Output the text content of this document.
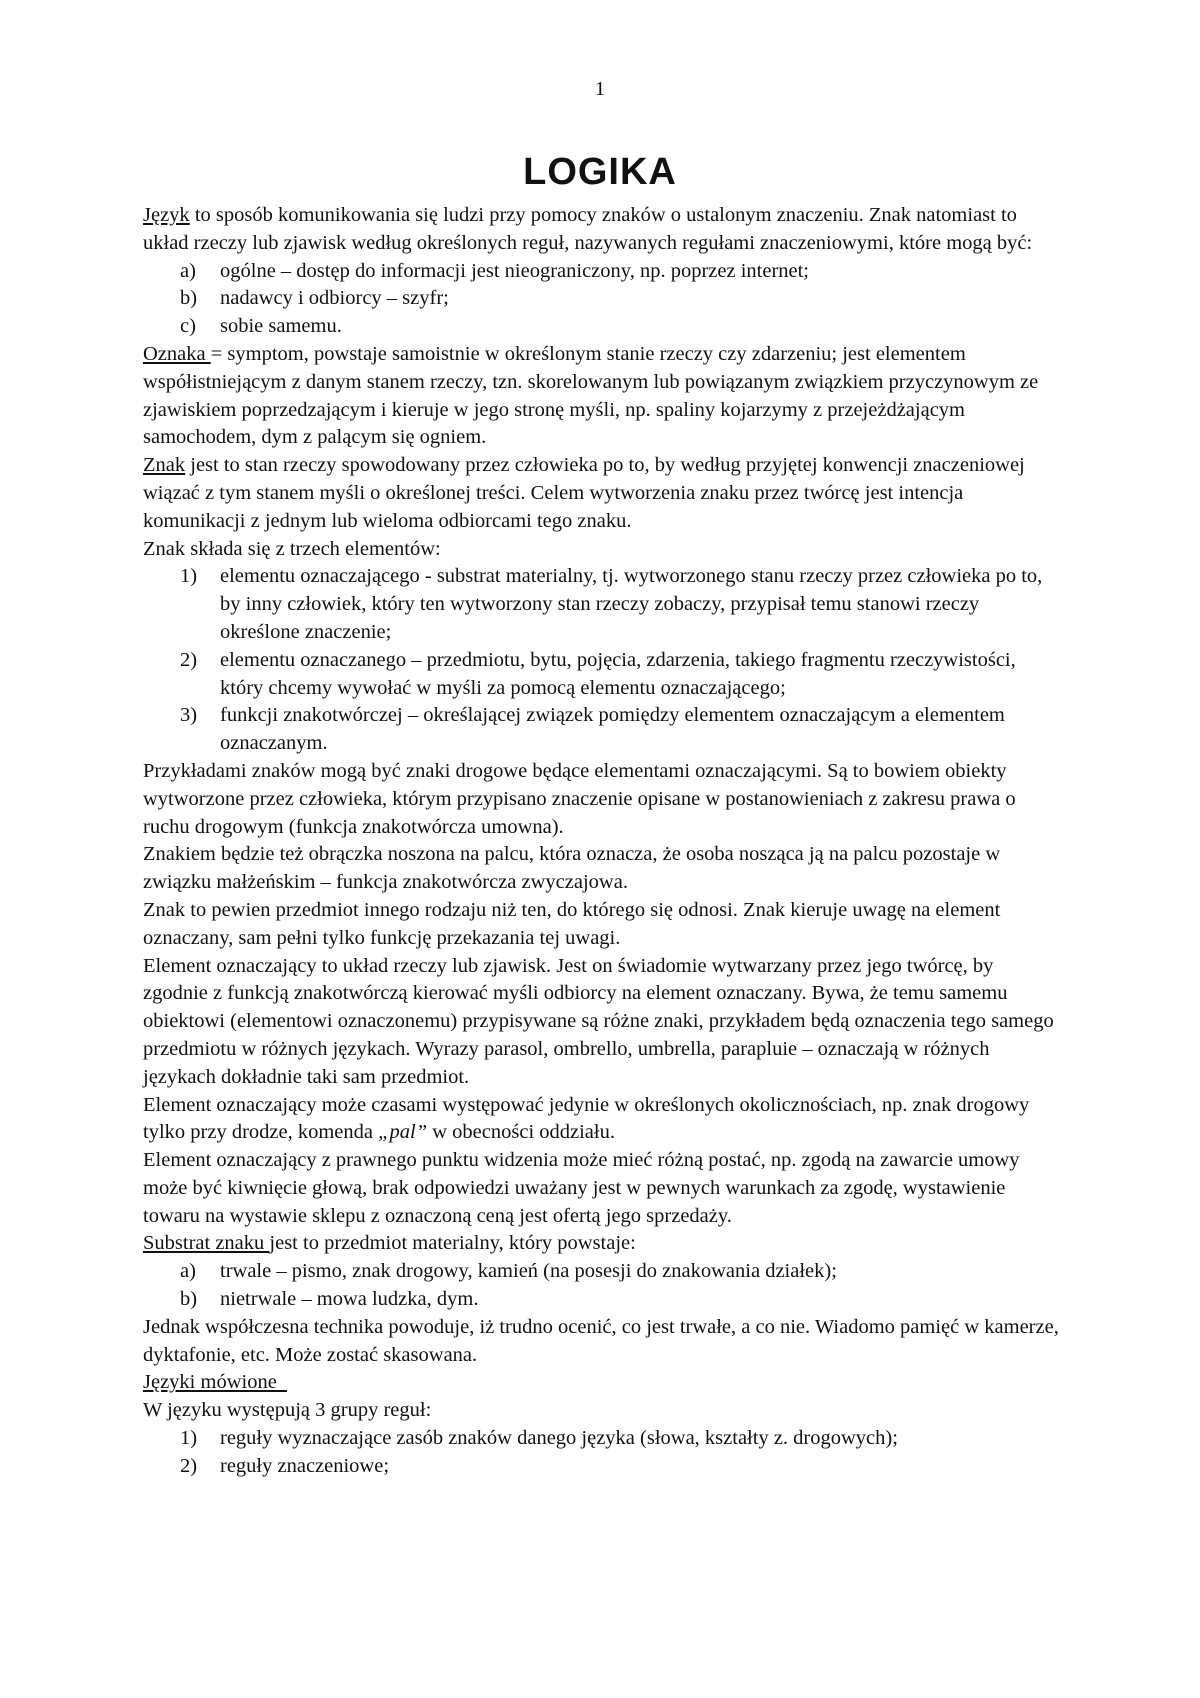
1
LOGIKA
Język to sposób komunikowania się ludzi przy pomocy znaków o ustalonym znaczeniu. Znak natomiast to układ rzeczy lub zjawisk według określonych reguł, nazywanych regułami znaczeniowymi, które mogą być:
a)	ogólne – dostęp do informacji jest nieograniczony, np. poprzez internet;
b)	nadawcy i odbiorcy – szyfr;
c)	sobie samemu.
Oznaka = symptom, powstaje samoistnie w określonym stanie rzeczy czy zdarzeniu; jest elementem współistniejącym z danym stanem rzeczy, tzn. skorelowanym lub powiązanym związkiem przyczynowym ze zjawiskiem poprzedzającym i kieruje w jego stronę myśli, np. spaliny kojarzymy z przejeżdżającym samochodem, dym z palącym się ogniem.
Znak jest to stan rzeczy spowodowany przez człowieka po to, by według przyjętej konwencji znaczeniowej wiązać z tym stanem myśli o określonej treści. Celem wytworzenia znaku przez twórcę jest intencja komunikacji z jednym lub wieloma odbiorcami tego znaku.
Znak składa się z trzech elementów:
1)	elementu oznaczającego - substrat materialny, tj. wytworzonego stanu rzeczy przez człowieka po to, by inny człowiek, który ten wytworzony stan rzeczy zobaczy, przypisał temu stanowi rzeczy określone znaczenie;
2)	elementu oznaczanego – przedmiotu, bytu, pojęcia, zdarzenia, takiego fragmentu rzeczywistości, który chcemy wywołać w myśli za pomocą elementu oznaczającego;
3)	funkcji znakotwórczej – określającej związek pomiędzy elementem oznaczającym a elementem oznaczanym.
Przykładami znaków mogą być znaki drogowe będące elementami oznaczającymi. Są to bowiem obiekty wytworzone przez człowieka, którym przypisano znaczenie opisane w postanowieniach z zakresu prawa o ruchu drogowym (funkcja znakotwórcza umowna).
Znakiem będzie też obrączka noszona na palcu, która oznacza, że osoba nosząca ją na palcu pozostaje w związku małżeńskim – funkcja znakotwórcza zwyczajowa.
Znak to pewien przedmiot innego rodzaju niż ten, do którego się odnosi. Znak kieruje uwagę na element oznaczany, sam pełni tylko funkcję przekazania tej uwagi.
Element oznaczający to układ rzeczy lub zjawisk. Jest on świadomie wytwarzany przez jego twórcę, by zgodnie z funkcją znakotwórczą kierować myśli odbiorcy na element oznaczany. Bywa, że temu samemu obiektowi (elementowi oznaczonemu) przypisywane są różne znaki, przykładem będą oznaczenia tego samego przedmiotu w różnych językach. Wyrazy parasol, ombrello, umbrella, parapluie – oznaczają w różnych językach dokładnie taki sam przedmiot.
Element oznaczający może czasami występować jedynie w określonych okolicznościach, np. znak drogowy tylko przy drodze, komenda „pal” w obecności oddziału.
Element oznaczający z prawnego punktu widzenia może mieć różną postać, np. zgodą na zawarcie umowy może być kiwnięcie głową, brak odpowiedzi uważany jest w pewnych warunkach za zgodę, wystawienie towaru na wystawie sklepu z oznaczoną ceną jest ofertą jego sprzedaży.
Substrat znaku jest to przedmiot materialny, który powstaje:
a)	trwale – pismo, znak drogowy, kamień (na posesji do znakowania działek);
b)	nietrwale – mowa ludzka, dym.
Jednak współczesna technika powoduje, iż trudno ocenić, co jest trwałe, a co nie. Wiadomo pamięć w kamerze, dyktafonie, etc. Może zostać skasowana.
Języki mówione
W języku występują 3 grupy reguł:
1)	reguły wyznaczające zasób znaków danego języka (słowa, kształty z. drogowych);
2)	reguły znaczeniowe;
